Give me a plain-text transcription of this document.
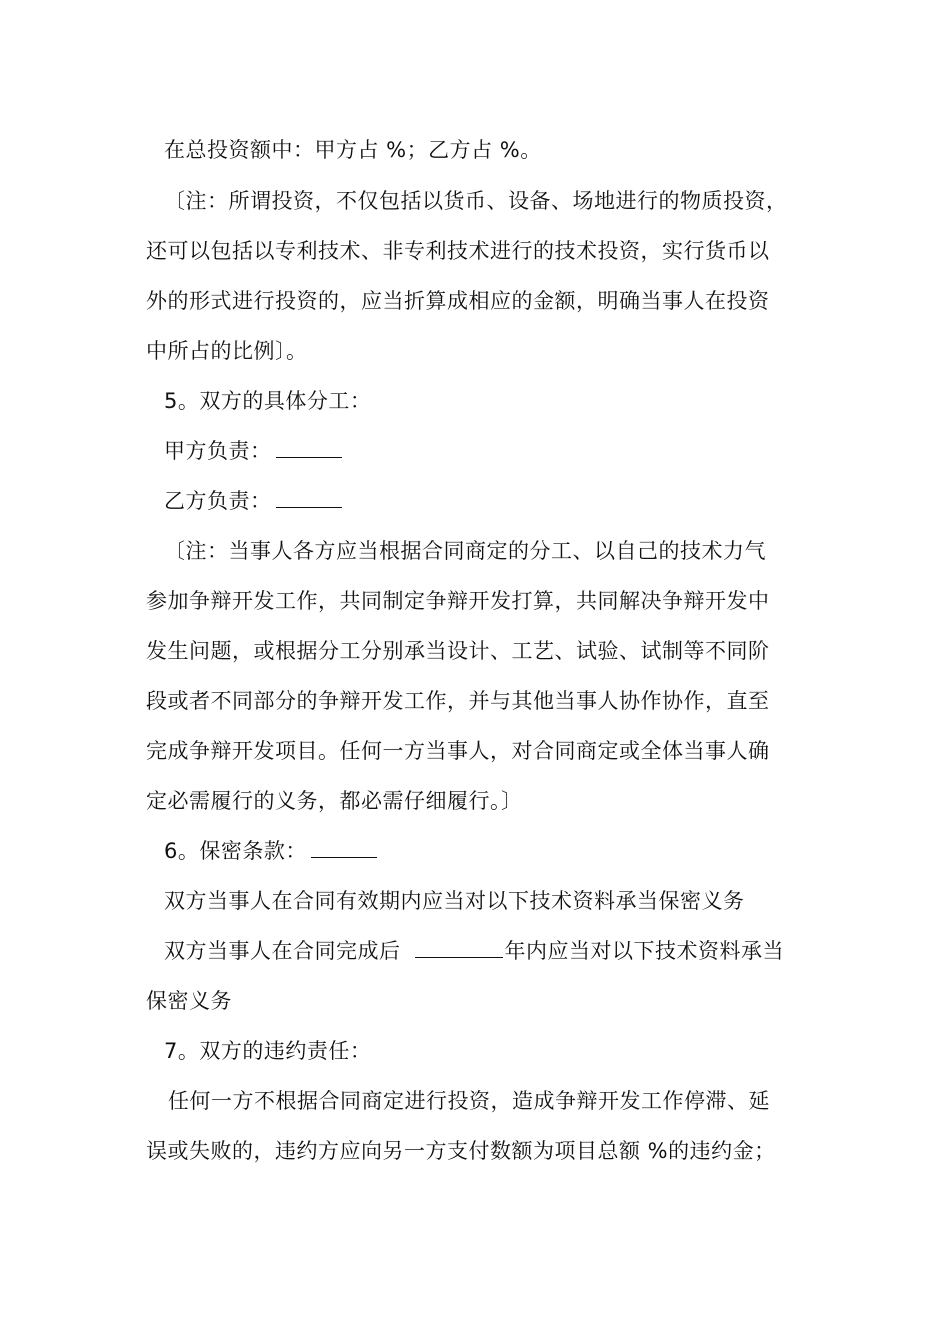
在总投资额中：甲方占 %；乙方占 %。
〔注：所谓投资，不仅包括以货币、设备、场地进行的物质投资，
还可以包括以专利技术、非专利技术进行的技术投资，实行货币以
外的形式进行投资的，应当折算成相应的金额，明确当事人在投资
中所占的比例〕。
5。双方的具体分工：
甲方负责：
乙方负责：
〔注：当事人各方应当根据合同商定的分工、以自己的技术力气
参加争辩开发工作，共同制定争辩开发打算，共同解决争辩开发中
发生问题，或根据分工分别承当设计、工艺、试验、试制等不同阶
段或者不同部分的争辩开发工作，并与其他当事人协作协作，直至
完成争辩开发项目。任何一方当事人，对合同商定或全体当事人确
定必需履行的义务，都必需仔细履行。〕
6。保密条款：
双方当事人在合同有效期内应当对以下技术资料承当保密义务
双方当事人在合同完成后	年内应当对以下技术资料承当
保密义务
7。双方的违约责任：
任何一方不根据合同商定进行投资，造成争辩开发工作停滞、延
误或失败的，违约方应向另一方支付数额为项目总额 %的违约金；
